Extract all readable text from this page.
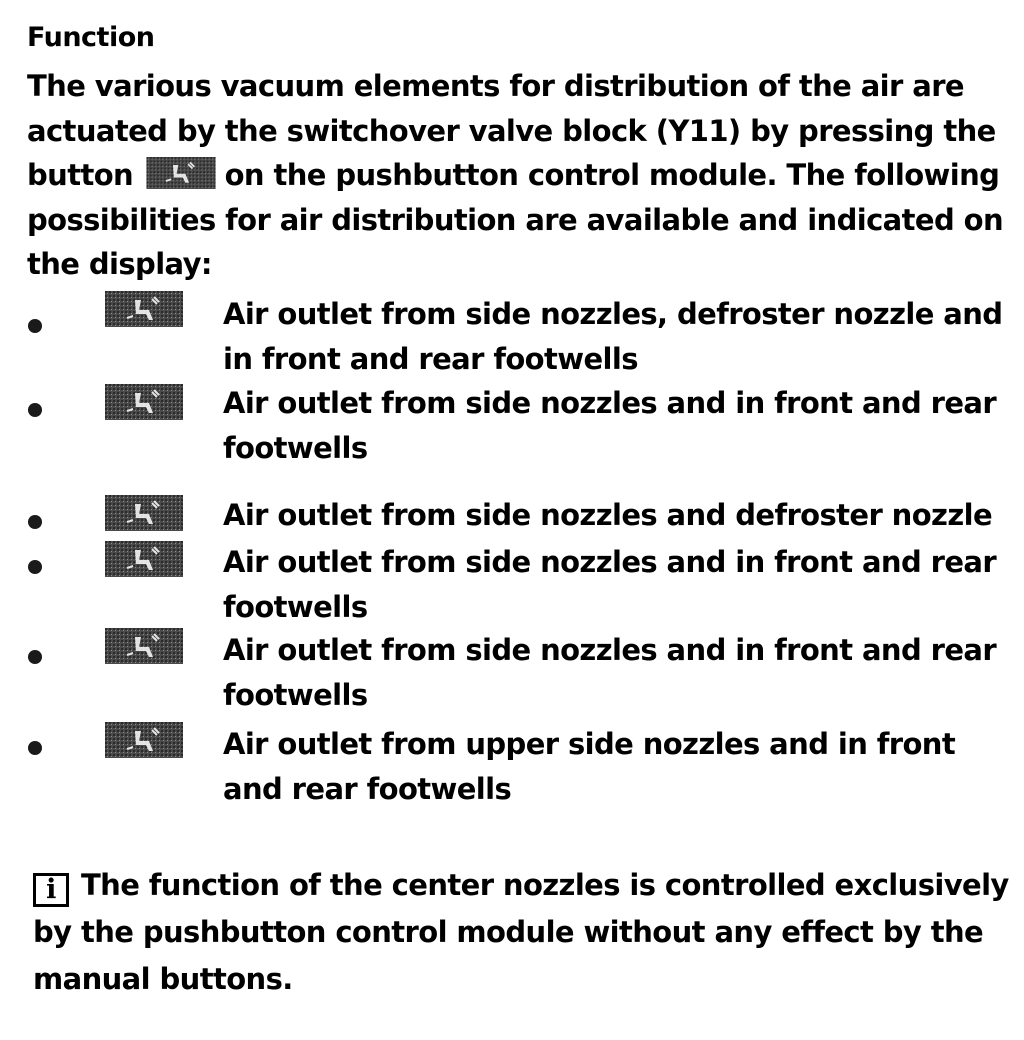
Function
The various vacuum elements for distribution of the air are actuated by the switchover valve block (Y11) by pressing the button	on the pushbutton control module. The following possibilities for air distribution are available and indicated on the display:
Air outlet from side nozzles, defroster nozzle and in front and rear footwells
Air outlet from side nozzles and in front and rear footwells
Air outlet from side nozzles and defroster nozzle
Air outlet from side nozzles and in front and rear footwells
Air outlet from side nozzles and in front and rear footwells
Air outlet from upper side nozzles and in front and rear footwells
i The function of the center nozzles is controlled exclusively by the pushbutton control module without any effect by the manual buttons.
